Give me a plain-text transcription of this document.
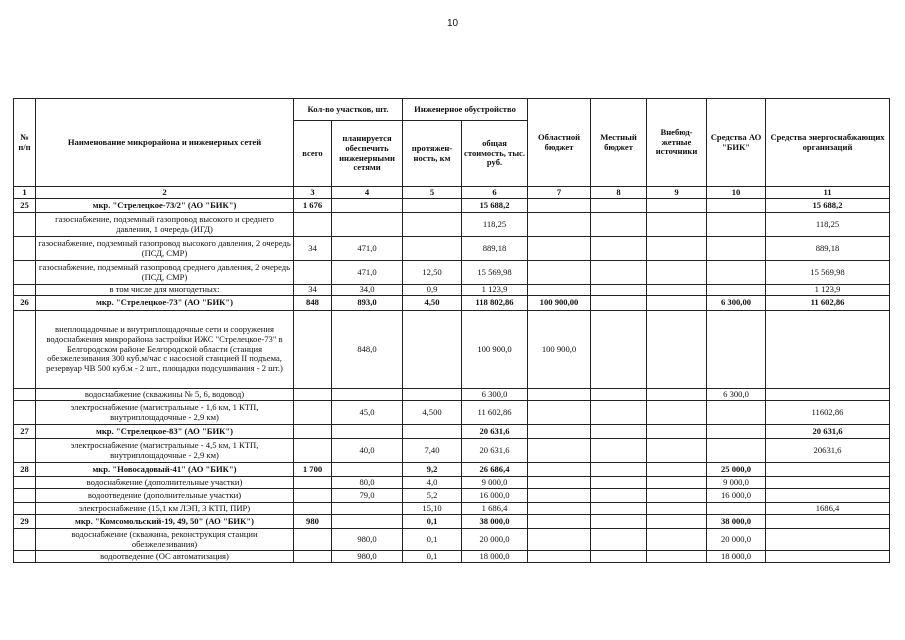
10
№ п/п	Наименование микрорайона и инженерных сетей	Кол-во участков, шт.		Инженерное обустройство		Областной бюджет	Местный бюджет	Внебюд- жетные источники	Средства АО "БИК"	Средства энергоснабжающих организаций
		всего	планируется обеспечить инженерными сетями	протяжен- ность, км	общая стоимость, тыс. руб.					
1	2	3	4	5	6	7	8	9	10	11
25	мкр. "Стрелецкое-73/2" (АО "БИК")	1 676			15 688,2					15 688,2
	газоснабжение, подземный газопровод высокого и среднего давления, 1 очередь (ИГД)				118,25					118,25
	газоснабжение, подземный газопровод высокого давления, 2 очередь (ПСД, СМР)	34	471,0		889,18					889,18
	газоснабжение, подземный газопровод среднего давления, 2 очередь (ПСД, СМР)		471,0	12,50	15 569,98					15 569,98
	в том числе для многодетных:	34	34,0	0,9	1 123,9					1 123,9
26	мкр. "Стрелецкое-73" (АО "БИК")	848	893,0	4,50	118 802,86	100 900,00			6 300,00	11 602,86
	внеплощадочные и внутриплощадочные сети и сооружения водоснабжения микрорайона застройки ИЖС "Стрелецкое-73" в Белгородском районе Белгородской области (станция обезжелезивания 300 куб.м/час с насосной станцией II подъема, резервуар ЧВ 500 куб.м - 2 шт., площадки подсушивания - 2 шт.)		848,0		100 900,0	100 900,0				
	водоснабжение (скважины № 5, 6, водовод)				6 300,0				6 300,0	
	электроснабжение (магистральные - 1,6 км, 1 КТП, внутриплощадочные - 2,9 км)		45,0	4,500	11 602,86					11602,86
27	мкр. "Стрелецкое-83" (АО "БИК")				20 631,6					20 631,6
	электроснабжение (магистральные - 4,5 км, 1 КТП, внутриплощадочные - 2,9 км)		40,0	7,40	20 631,6					20631,6
28	мкр. "Новосадовый-41" (АО "БИК")	1 700		9,2	26 686,4				25 000,0	
	водоснабжение (дополнительные участки)		80,0	4,0	9 000,0				9 000,0	
	водоотведение (дополнительные участки)		79,0	5,2	16 000,0				16 000,0	
	электроснабжение (15,1 км ЛЭП, 3 КТП, ПИР)			15,10	1 686,4					1686,4
29	мкр. "Комсомольский-19, 49, 50" (АО "БИК")	980		0,1	38 000,0				38 000,0	
	водоснабжение (скважина, реконструкция станции обезжелезивания)		980,0	0,1	20 000,0				20 000,0	
	водоотведение (ОС автоматизация)		980,0	0,1	18 000,0				18 000,0	
